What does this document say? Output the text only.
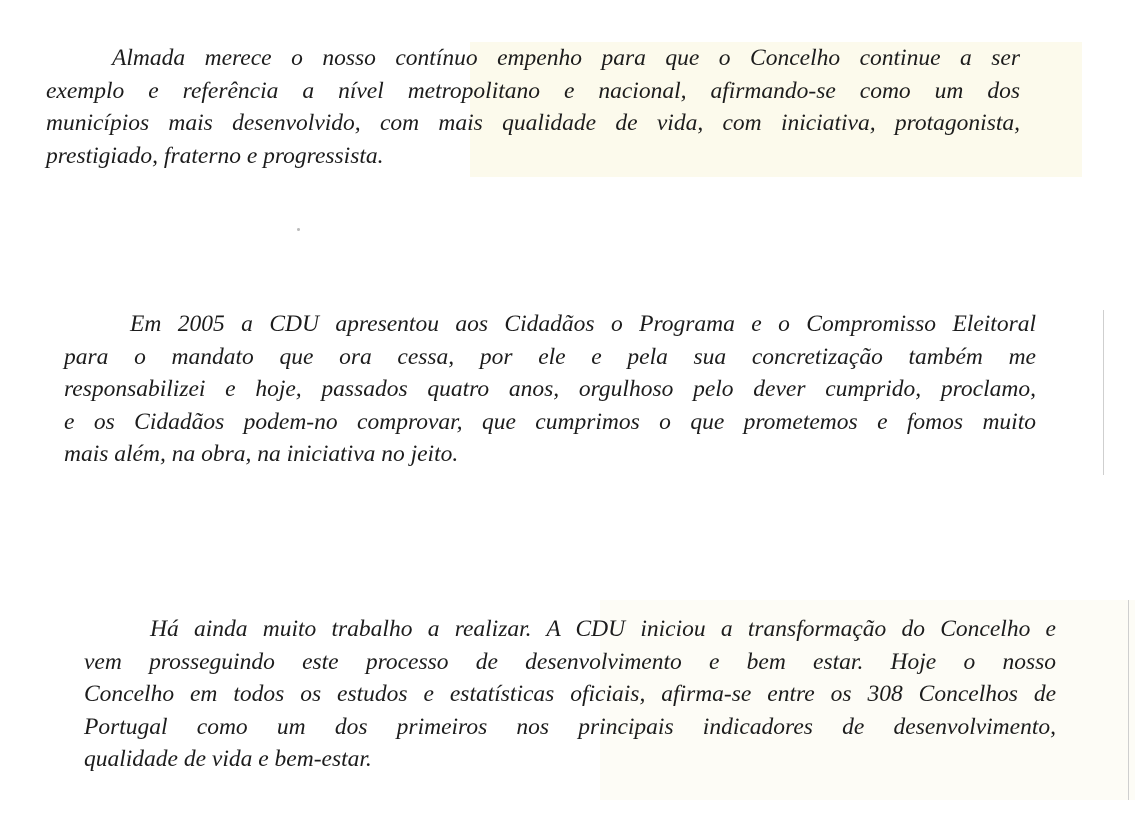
Almada merece o nosso contínuo empenho para que o Concelho continue a ser
exemplo e referência a nível metropolitano e nacional, afirmando-se como um dos
municípios mais desenvolvido, com mais qualidade de vida, com iniciativa, protagonista,
prestigiado, fraterno e progressista.
Em 2005 a CDU apresentou aos Cidadãos o Programa e o Compromisso Eleitoral
para o mandato que ora cessa, por ele e pela sua concretização também me
responsabilizei e hoje, passados quatro anos, orgulhoso pelo dever cumprido, proclamo,
e os Cidadãos podem-no comprovar, que cumprimos o que prometemos e fomos muito
mais além, na obra, na iniciativa no jeito.
Há ainda muito trabalho a realizar. A CDU iniciou a transformação do Concelho e
vem prosseguindo este processo de desenvolvimento e bem estar. Hoje o nosso
Concelho em todos os estudos e estatísticas oficiais, afirma-se entre os 308 Concelhos de
Portugal como um dos primeiros nos principais indicadores de desenvolvimento,
qualidade de vida e bem-estar.
